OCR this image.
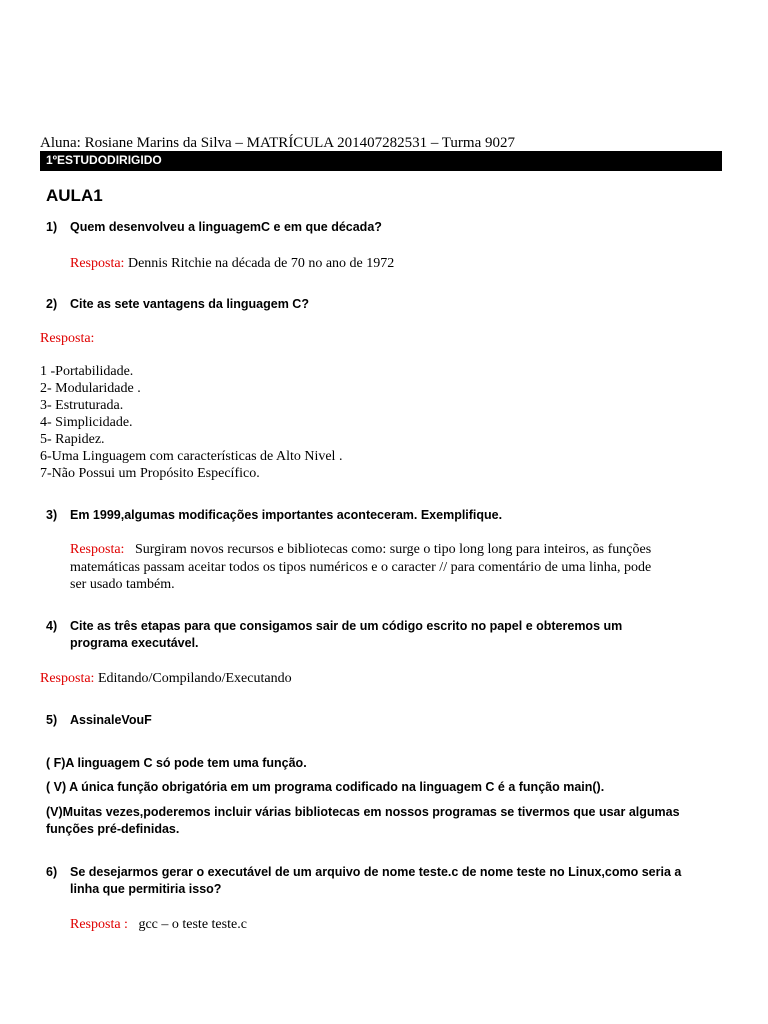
Aluna: Rosiane Marins da Silva – MATRÍCULA 201407282531 – Turma 9027
1ºESTUDODIRIGIDO
AULA1
1) Quem desenvolveu a linguagemC e em que década?
Resposta: Dennis Ritchie na década de 70 no ano de 1972
2) Cite as sete vantagens da linguagem C?
Resposta:
1 -Portabilidade.
2- Modularidade .
3- Estruturada.
4- Simplicidade.
5- Rapidez.
6-Uma Linguagem com características de Alto Nivel .
7-Não Possui um Propósito Específico.
3) Em 1999,algumas modificações importantes aconteceram. Exemplifique.
Resposta: Surgiram novos recursos e bibliotecas como: surge o tipo long long para inteiros, as funções
matemáticas passam aceitar todos os tipos numéricos e o caracter // para comentário de uma linha, pode
ser usado também.
4) Cite as três etapas para que consigamos sair de um código escrito no papel e obteremos um
programa executável.
Resposta: Editando/Compilando/Executando
5) AssinaleVouF
( F)A linguagem C só pode tem uma função.
( V) A única função obrigatória em um programa codificado na linguagem C é a função main().
(V)Muitas vezes,poderemos incluir várias bibliotecas em nossos programas se tivermos que usar algumas
funções pré-definidas.
6) Se desejarmos gerar o executável de um arquivo de nome teste.c de nome teste no Linux,como seria a
linha que permitiria isso?
Resposta : gcc – o teste teste.c
